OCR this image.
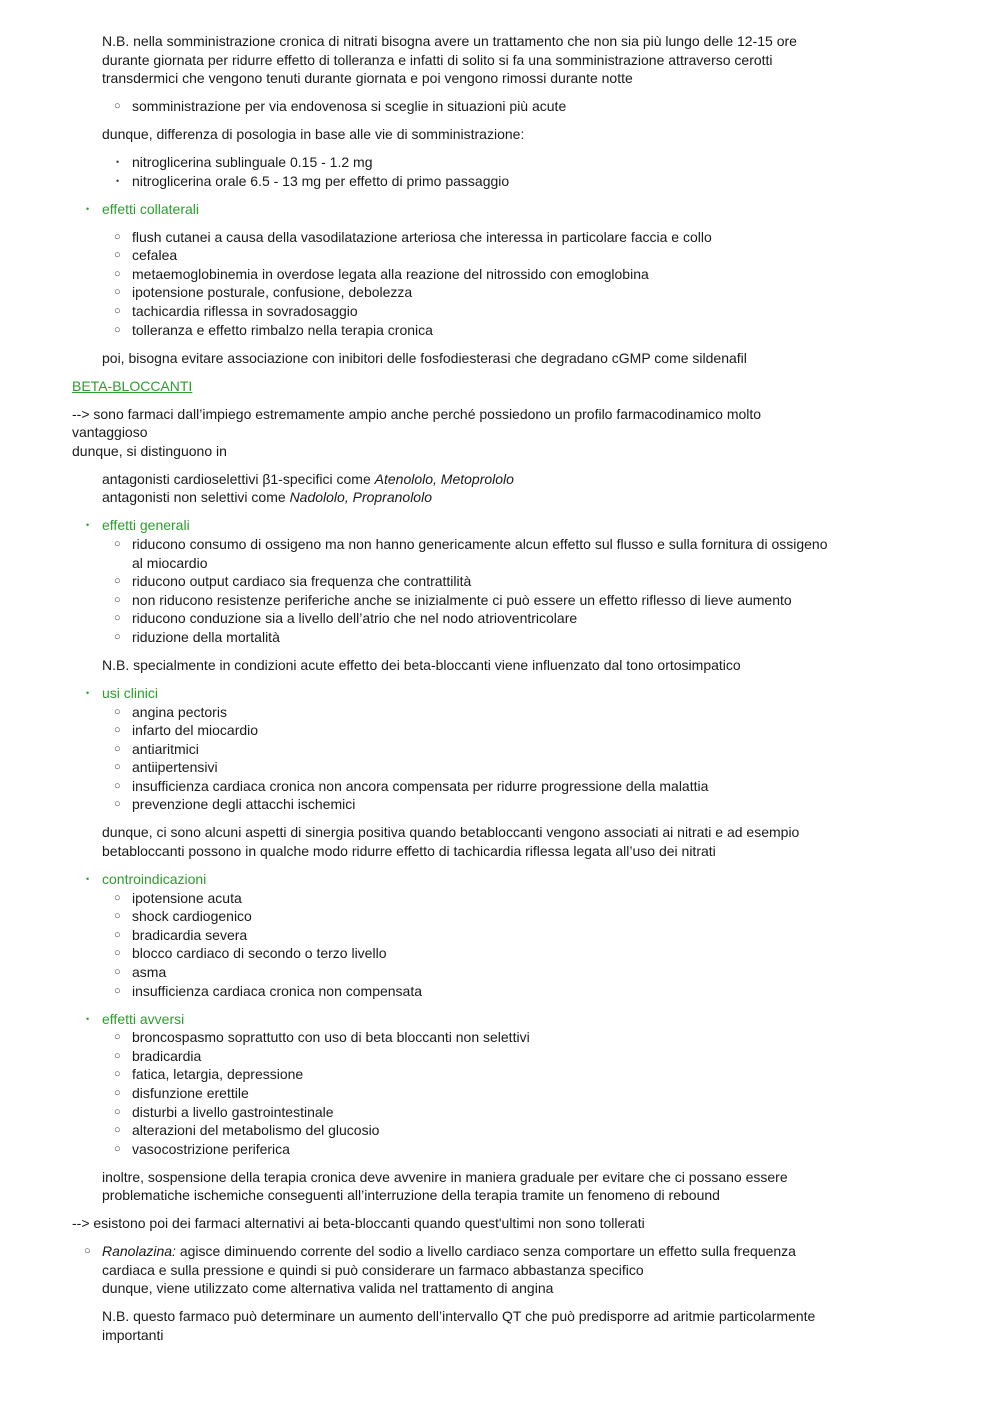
N.B. nella somministrazione cronica di nitrati bisogna avere un trattamento che non sia più lungo delle 12-15 ore

durante giornata per ridurre effetto di tolleranza e infatti di solito si fa una somministrazione attraverso cerotti

transdermici che vengono tenuti durante giornata e poi vengono rimossi durante notte

○ somministrazione per via endovenosa si sceglie in situazioni più acute

dunque, differenza di posologia in base alle vie di somministrazione:

• nitroglicerina sublinguale 0.15 - 1.2 mg
• nitroglicerina orale 6.5 - 13 mg per effetto di primo passaggio
• effetti collaterali
○ flush cutanei a causa della vasodilatazione arteriosa che interessa in particolare faccia e collo
○ cefalea
○ metaemoglobinemia in overdose legata alla reazione del nitrossido con emoglobina
○ ipotensione posturale, confusione, debolezza
○ tachicardia riflessa in sovradosaggio
○ tolleranza e effetto rimbalzo nella terapia cronica

poi, bisogna evitare associazione con inibitori delle fosfodiesterasi che degradano cGMP come sildenafil

BETA-BLOCCANTI

--> sono farmaci dall’impiego estremamente ampio anche perché possiedono un profilo farmacodinamico molto

vantaggioso

dunque, si distinguono in

antagonisti cardioselettivi β1-specifici come Atenololo, Metoprololo

antagonisti non selettivi come Nadololo, Propranololo

• effetti generali
○ riducono consumo di ossigeno ma non hanno genericamente alcun effetto sul flusso e sulla fornitura di ossigeno
al miocardio
○ riducono output cardiaco sia frequenza che contrattilità
○ non riducono resistenze periferiche anche se inizialmente ci può essere un effetto riflesso di lieve aumento
○ riducono conduzione sia a livello dell’atrio che nel nodo atrioventricolare
○ riduzione della mortalità

N.B. specialmente in condizioni acute effetto dei beta-bloccanti viene influenzato dal tono ortosimpatico

• usi clinici
○ angina pectoris
○ infarto del miocardio
○ antiaritmici
○ antiipertensivi
○ insufficienza cardiaca cronica non ancora compensata per ridurre progressione della malattia
○ prevenzione degli attacchi ischemici

dunque, ci sono alcuni aspetti di sinergia positiva quando betabloccanti vengono associati ai nitrati e ad esempio

betabloccanti possono in qualche modo ridurre effetto di tachicardia riflessa legata all’uso dei nitrati

• controindicazioni
○ ipotensione acuta
○ shock cardiogenico
○ bradicardia severa
○ blocco cardiaco di secondo o terzo livello
○ asma
○ insufficienza cardiaca cronica non compensata
• effetti avversi
○ broncospasmo soprattutto con uso di beta bloccanti non selettivi
○ bradicardia
○ fatica, letargia, depressione
○ disfunzione erettile
○ disturbi a livello gastrointestinale
○ alterazioni del metabolismo del glucosio
○ vasocostrizione periferica

inoltre, sospensione della terapia cronica deve avvenire in maniera graduale per evitare che ci possano essere

problematiche ischemiche conseguenti all’interruzione della terapia tramite un fenomeno di rebound

--> esistono poi dei farmaci alternativi ai beta-bloccanti quando quest'ultimi non sono tollerati

○ Ranolazina: agisce diminuendo corrente del sodio a livello cardiaco senza comportare un effetto sulla frequenza
cardiaca e sulla pressione e quindi si può considerare un farmaco abbastanza specifico
dunque, viene utilizzato come alternativa valida nel trattamento di angina

N.B. questo farmaco può determinare un aumento dell’intervallo QT che può predisporre ad aritmie particolarmente

importanti
